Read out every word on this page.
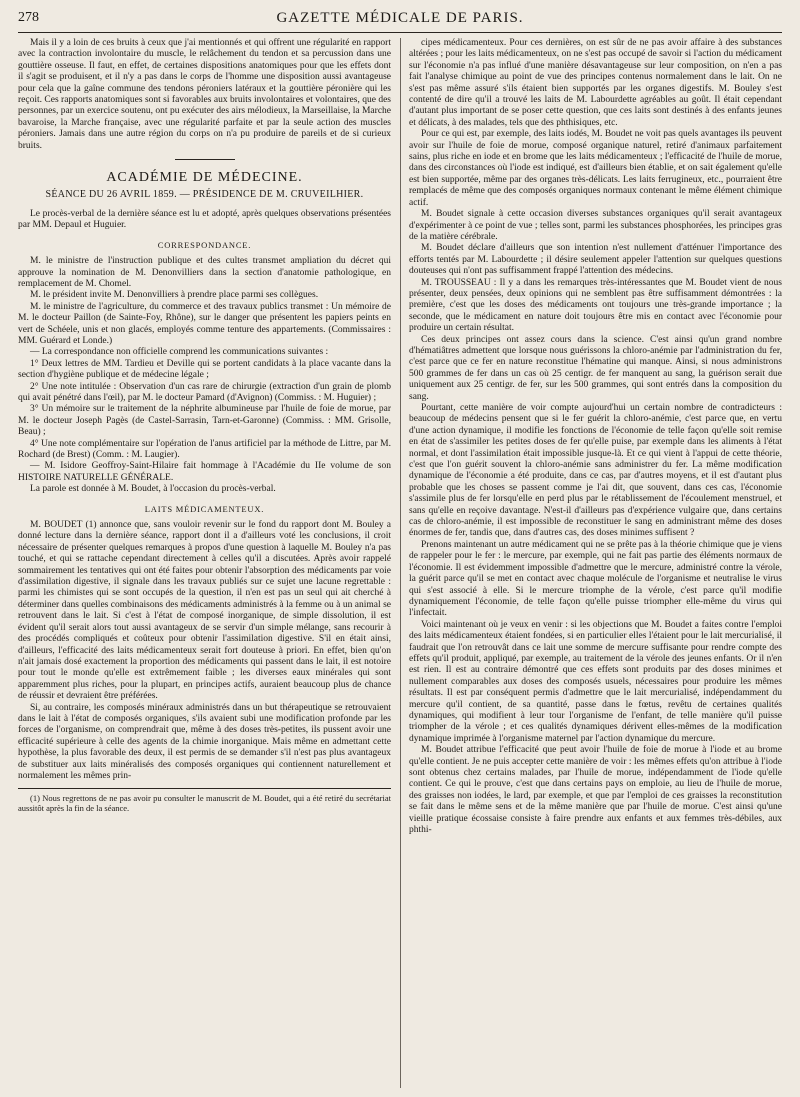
278	GAZETTE MÉDICALE DE PARIS.

Mais il y a loin de ces bruits à ceux que j'ai mentionnés et qui offrent une régularité en rapport avec la contraction involontaire du muscle, le relâchement du tendon et sa percussion dans une gouttière osseuse. Il faut, en effet, de certaines dispositions anatomiques pour que les effets dont il s'agit se produisent, et il n'y a pas dans le corps de l'homme une disposition aussi avantageuse pour cela que la gaîne commune des tendons péroniers latéraux et la gouttière péronière qui les reçoit. Ces rapports anatomiques sont si favorables aux bruits involontaires et volontaires, que des personnes, par un exercice soutenu, ont pu exécuter des airs mélodieux, la Marseillaise, la Marche bavaroise, la Marche française, avec une régularité parfaite et par la seule action des muscles péroniers. Jamais dans une autre région du corps on n'a pu produire de pareils et de si curieux bruits.

ACADÉMIE DE MÉDECINE.
SÉANCE DU 26 AVRIL 1859. — PRÉSIDENCE DE M. CRUVEILHIER.

Le procès-verbal de la dernière séance est lu et adopté, après quelques observations présentées par MM. Depaul et Huguier.

CORRESPONDANCE.

M. le ministre de l'instruction publique et des cultes transmet ampliation du décret qui approuve la nomination de M. Denonvilliers dans la section d'anatomie pathologique, en remplacement de M. Chomel.

M. le président invite M. Denonvilliers à prendre place parmi ses collègues.

M. le ministre de l'agriculture, du commerce et des travaux publics transmet : Un mémoire de M. le docteur Paillon (de Sainte-Foy, Rhône), sur le danger que présentent les papiers peints en vert de Schéele, unis et non glacés, employés comme tenture des appartements. (Commissaires : MM. Guérard et Londe.)

— La correspondance non officielle comprend les communications suivantes :

1° Deux lettres de MM. Tardieu et Deville qui se portent candidats à la place vacante dans la section d'hygiène publique et de médecine légale ;

2° Une note intitulée : Observation d'un cas rare de chirurgie (extraction d'un grain de plomb qui avait pénétré dans l'œil), par M. le docteur Pamard (d'Avignon) (Commiss. : M. Huguier) ;

3° Un mémoire sur le traitement de la néphrite albumineuse par l'huile de foie de morue, par M. le docteur Joseph Pagès (de Castel-Sarrasin, Tarn-et-Garonne) (Commiss. : MM. Grisolle, Beau) ;

4° Une note complémentaire sur l'opération de l'anus artificiel par la méthode de Littre, par M. Rochard (de Brest) (Comm. : M. Laugier).

— M. Isidore Geoffroy-Saint-Hilaire fait hommage à l'Académie du IIe volume de son HISTOIRE NATURELLE GÉNÉRALE.

La parole est donnée à M. Boudet, à l'occasion du procès-verbal.

LAITS MÉDICAMENTEUX.

M. BOUDET (1) annonce que, sans vouloir revenir sur le fond du rapport dont M. Bouley a donné lecture dans la dernière séance, rapport dont il a d'ailleurs voté les conclusions, il croit nécessaire de présenter quelques remarques à propos d'une question à laquelle M. Bouley n'a pas touché, et qui se rattache cependant directement à celles qu'il a discutées. Après avoir rappelé sommairement les tentatives qui ont été faites pour obtenir l'absorption des médicaments par voie d'assimilation digestive, il signale dans les travaux publiés sur ce sujet une lacune regrettable : parmi les chimistes qui se sont occupés de la question, il n'en est pas un seul qui ait cherché à déterminer dans quelles combinaisons des médicaments administrés à la femme ou à un animal se retrouvent dans le lait. Si c'est à l'état de composé inorganique, de simple dissolution, il est évident qu'il serait alors tout aussi avantageux de se servir d'un simple mélange, sans recourir à des procédés compliqués et coûteux pour obtenir l'assimilation digestive. S'il en était ainsi, d'ailleurs, l'efficacité des laits médicamenteux serait fort douteuse à priori. En effet, bien qu'on n'ait jamais dosé exactement la proportion des médicaments qui passent dans le lait, il est notoire pour tout le monde qu'elle est extrêmement faible ; les diverses eaux minérales qui sont apparemment plus riches, pour la plupart, en principes actifs, auraient beaucoup plus de chance de réussir et devraient être préférées.

Si, au contraire, les composés minéraux administrés dans un but thérapeutique se retrouvaient dans le lait à l'état de composés organiques, s'ils avaient subi une modification profonde par les forces de l'organisme, on comprendrait que, même à des doses très-petites, ils pussent avoir une efficacité supérieure à celle des agents de la chimie inorganique. Mais même en admettant cette hypothèse, la plus favorable des deux, il est permis de se demander s'il n'est pas plus avantageux de substituer aux laits minéralisés des composés organiques qui contiennent naturellement et normalement les mêmes prin-

(1) Nous regrettons de ne pas avoir pu consulter le manuscrit de M. Boudet, qui a été retiré du secrétariat aussitôt après la fin de la séance.

cipes médicamenteux. Pour ces dernières, on est sûr de ne pas avoir affaire à des substances altérées ; pour les laits médicamenteux, on ne s'est pas occupé de savoir si l'action du médicament sur l'économie n'a pas influé d'une manière désavantageuse sur leur composition, on n'en a pas fait l'analyse chimique au point de vue des principes contenus normalement dans le lait. On ne s'est pas même assuré s'ils étaient bien supportés par les organes digestifs. M. Bouley s'est contenté de dire qu'il a trouvé les laits de M. Labourdette agréables au goût. Il était cependant d'autant plus important de se poser cette question, que ces laits sont destinés à des enfants jeunes et délicats, à des malades, tels que des phthisiques, etc.

Pour ce qui est, par exemple, des laits iodés, M. Boudet ne voit pas quels avantages ils peuvent avoir sur l'huile de foie de morue, composé organique naturel, retiré d'animaux parfaitement sains, plus riche en iode et en brome que les laits médicamenteux ; l'efficacité de l'huile de morue, dans des circonstances où l'iode est indiqué, est d'ailleurs bien établie, et on sait également qu'elle est bien supportée, même par des organes très-délicats. Les laits ferrugineux, etc., pourraient être remplacés de même que des composés organiques normaux contenant le même élément chimique actif.

M. Boudet signale à cette occasion diverses substances organiques qu'il serait avantageux d'expérimenter à ce point de vue ; telles sont, parmi les substances phosphorées, les principes gras de la matière cérébrale.

M. Boudet déclare d'ailleurs que son intention n'est nullement d'atténuer l'importance des efforts tentés par M. Labourdette ; il désire seulement appeler l'attention sur quelques questions douteuses qui n'ont pas suffisamment frappé l'attention des médecins.

M. TROUSSEAU : Il y a dans les remarques très-intéressantes que M. Boudet vient de nous présenter, deux pensées, deux opinions qui ne semblent pas être suffisamment démontrées : la première, c'est que les doses des médicaments ont toujours une très-grande importance ; la seconde, que le médicament en nature doit toujours être mis en contact avec l'économie pour produire un certain résultat.

Ces deux principes ont assez cours dans la science. C'est ainsi qu'un grand nombre d'hématiâtres admettent que lorsque nous guérissons la chloro-anémie par l'administration du fer, c'est parce que ce fer en nature reconstitue l'hématine qui manque. Ainsi, si nous administrons 500 grammes de fer dans un cas où 25 centigr. de fer manquent au sang, la guérison serait due uniquement aux 25 centigr. de fer, sur les 500 grammes, qui sont entrés dans la composition du sang.

Pourtant, cette manière de voir compte aujourd'hui un certain nombre de contradicteurs : beaucoup de médecins pensent que si le fer guérit la chloro-anémie, c'est parce que, en vertu d'une action dynamique, il modifie les fonctions de l'économie de telle façon qu'elle soit remise en état de s'assimiler les petites doses de fer qu'elle puise, par exemple dans les aliments à l'état normal, et dont l'assimilation était impossible jusque-là. Et ce qui vient à l'appui de cette théorie, c'est que l'on guérit souvent la chloro-anémie sans administrer du fer. La même modification dynamique de l'économie a été produite, dans ce cas, par d'autres moyens, et il est d'autant plus probable que les choses se passent comme je l'ai dit, que souvent, dans ces cas, l'économie s'assimile plus de fer lorsqu'elle en perd plus par le rétablissement de l'écoulement menstruel, et sans qu'elle en reçoive davantage. N'est-il d'ailleurs pas d'expérience vulgaire que, dans certains cas de chloro-anémie, il est impossible de reconstituer le sang en administrant même des doses énormes de fer, tandis que, dans d'autres cas, des doses minimes suffisent ?

Prenons maintenant un autre médicament qui ne se prête pas à la théorie chimique que je viens de rappeler pour le fer : le mercure, par exemple, qui ne fait pas partie des éléments normaux de l'économie. Il est évidemment impossible d'admettre que le mercure, administré contre la vérole, la guérit parce qu'il se met en contact avec chaque molécule de l'organisme et neutralise le virus qui s'est associé à elle. Si le mercure triomphe de la vérole, c'est parce qu'il modifie dynamiquement l'économie, de telle façon qu'elle puisse triompher elle-même du virus qui l'infectait.

Voici maintenant où je veux en venir : si les objections que M. Boudet a faites contre l'emploi des laits médicamenteux étaient fondées, si en particulier elles l'étaient pour le lait mercurialisé, il faudrait que l'on retrouvât dans ce lait une somme de mercure suffisante pour rendre compte des effets qu'il produit, appliqué, par exemple, au traitement de la vérole des jeunes enfants. Or il n'en est rien. Il est au contraire démontré que ces effets sont produits par des doses minimes et nullement comparables aux doses des composés usuels, nécessaires pour produire les mêmes résultats. Il est par conséquent permis d'admettre que le lait mercurialisé, indépendamment du mercure qu'il contient, de sa quantité, passe dans le fœtus, revêtu de certaines qualités dynamiques, qui modifient à leur tour l'organisme de l'enfant, de telle manière qu'il puisse triompher de la vérole ; et ces qualités dynamiques dérivent elles-mêmes de la modification dynamique imprimée à l'organisme maternel par l'action dynamique du mercure.

M. Boudet attribue l'efficacité que peut avoir l'huile de foie de morue à l'iode et au brome qu'elle contient. Je ne puis accepter cette manière de voir : les mêmes effets qu'on attribue à l'iode sont obtenus chez certains malades, par l'huile de morue, indépendamment de l'iode qu'elle contient. Ce qui le prouve, c'est que dans certains pays on emploie, au lieu de l'huile de morue, des graisses non iodées, le lard, par exemple, et que par l'emploi de ces graisses la reconstitution se fait dans le même sens et de la même manière que par l'huile de morue. C'est ainsi qu'une vieille pratique écossaise consiste à faire prendre aux enfants et aux femmes très-débiles, aux phthi-
